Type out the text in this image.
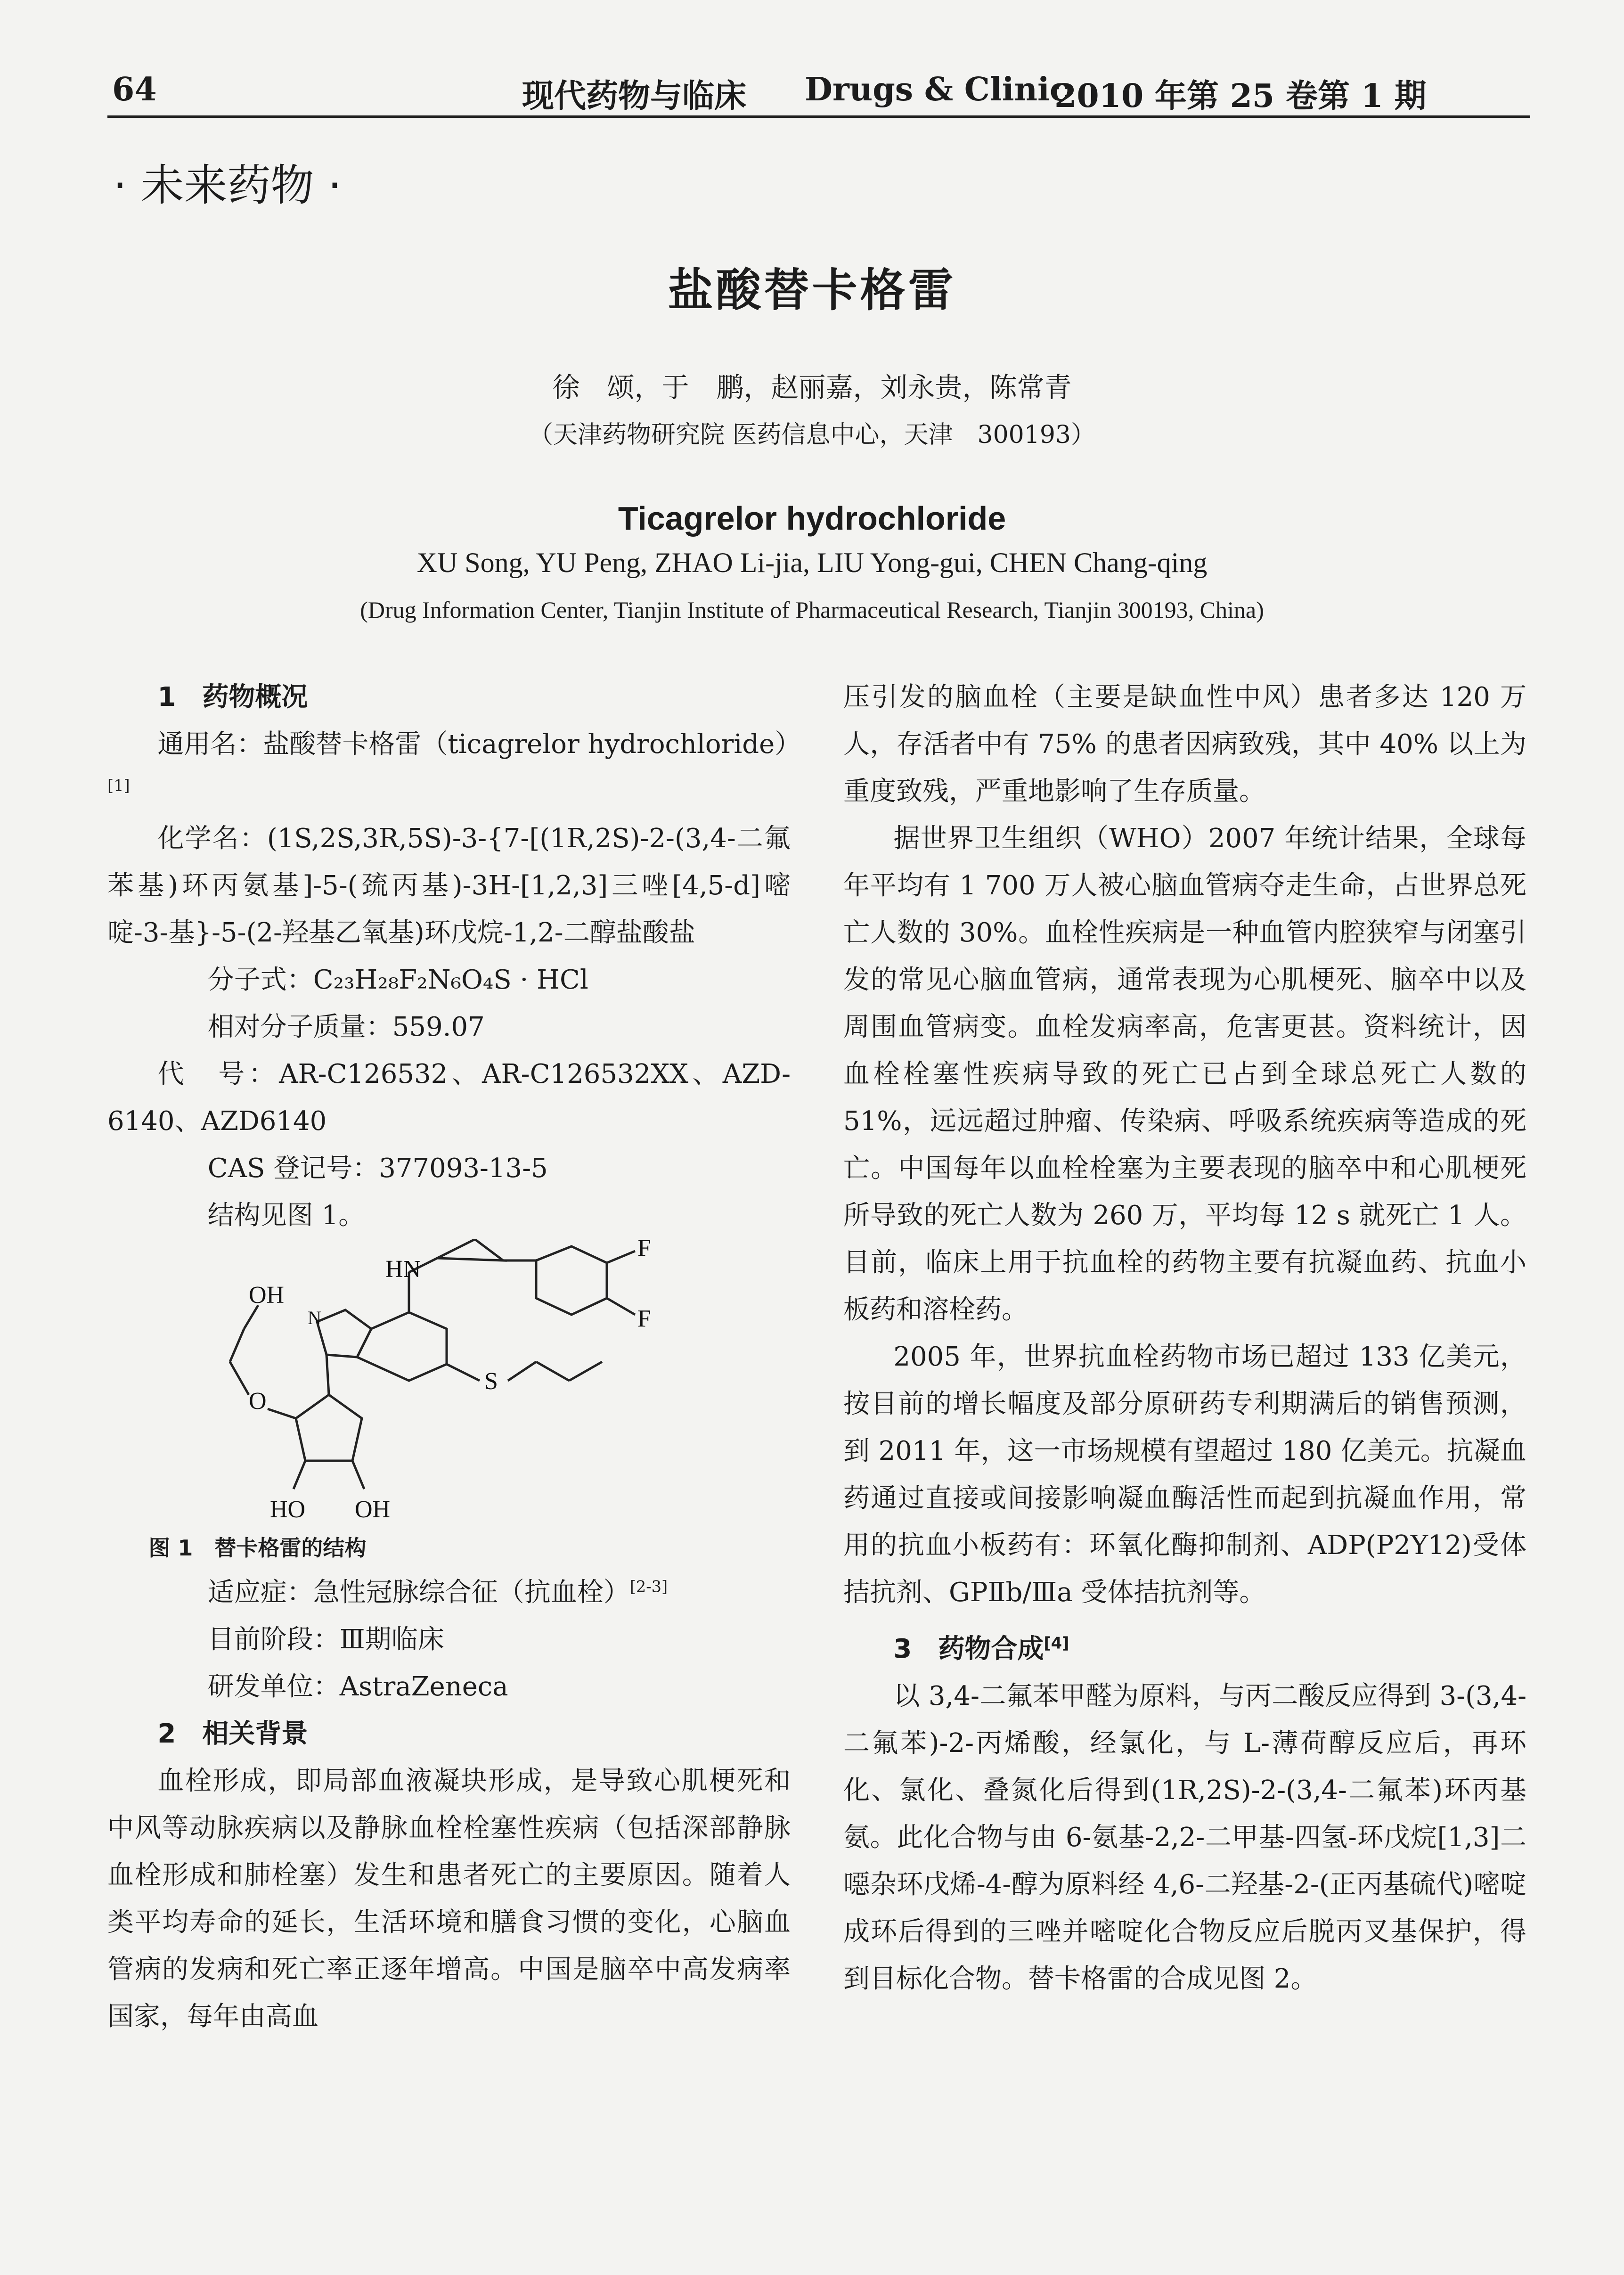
64	现代药物与临床 Drugs & Clinic
2010 年第 25 卷第 1 期
· 未来药物 ·
盐酸替卡格雷
徐　颂，于　鹏，赵丽嘉，刘永贵，陈常青
（天津药物研究院 医药信息中心，天津　300193）
Ticagrelor hydrochloride
XU Song, YU Peng, ZHAO Li-jia, LIU Yong-gui, CHEN Chang-qing
(Drug Information Center, Tianjin Institute of Pharmaceutical Research, Tianjin 300193, China)

1　药物概况

通用名：盐酸替卡格雷（ticagrelor hydrochloride）[1]

化学名：(1S,2S,3R,5S)-3-{7-[(1R,2S)-2-(3,4-二氟苯基)环丙氨基]-5-(巯丙基)-3H-[1,2,3]三唑[4,5-d]嘧啶-3-基}-5-(2-羟基乙氧基)环戊烷-1,2-二醇盐酸盐

分子式：C₂₃H₂₈F₂N₆O₄S · HCl

相对分子质量：559.07

代　号：AR-C126532、AR-C126532XX、AZD-6140、AZD6140

CAS 登记号：377093-13-5

结构见图 1。

HN
F
F
OH
O
S
HO OH
N

图 1　替卡格雷的结构

适应症：急性冠脉综合征（抗血栓）[2-3]

目前阶段：Ⅲ期临床

研发单位：AstraZeneca

2　相关背景

血栓形成，即局部血液凝块形成，是导致心肌梗死和中风等动脉疾病以及静脉血栓栓塞性疾病（包括深部静脉血栓形成和肺栓塞）发生和患者死亡的主要原因。随着人类平均寿命的延长，生活环境和膳食习惯的变化，心脑血管病的发病和死亡率正逐年增高。中国是脑卒中高发病率国家，每年由高血

压引发的脑血栓（主要是缺血性中风）患者多达 120 万人，存活者中有 75% 的患者因病致残，其中 40% 以上为重度致残，严重地影响了生存质量。

据世界卫生组织（WHO）2007 年统计结果，全球每年平均有 1 700 万人被心脑血管病夺走生命，占世界总死亡人数的 30%。血栓性疾病是一种血管内腔狭窄与闭塞引发的常见心脑血管病，通常表现为心肌梗死、脑卒中以及周围血管病变。血栓发病率高，危害更甚。资料统计，因血栓栓塞性疾病导致的死亡已占到全球总死亡人数的 51%，远远超过肿瘤、传染病、呼吸系统疾病等造成的死亡。中国每年以血栓栓塞为主要表现的脑卒中和心肌梗死所导致的死亡人数为 260 万，平均每 12 s 就死亡 1 人。目前，临床上用于抗血栓的药物主要有抗凝血药、抗血小板药和溶栓药。

2005 年，世界抗血栓药物市场已超过 133 亿美元，按目前的增长幅度及部分原研药专利期满后的销售预测，到 2011 年，这一市场规模有望超过 180 亿美元。抗凝血药通过直接或间接影响凝血酶活性而起到抗凝血作用，常用的抗血小板药有：环氧化酶抑制剂、ADP(P2Y12)受体拮抗剂、GPⅡb/Ⅲa 受体拮抗剂等。

3　药物合成[4]

以 3,4-二氟苯甲醛为原料，与丙二酸反应得到 3-(3,4-二氟苯)-2-丙烯酸，经氯化，与 L-薄荷醇反应后，再环化、氯化、叠氮化后得到(1R,2S)-2-(3,4-二氟苯)环丙基氨。此化合物与由 6-氨基-2,2-二甲基-四氢-环戊烷[1,3]二噁杂环戊烯-4-醇为原料经 4,6-二羟基-2-(正丙基硫代)嘧啶成环后得到的三唑并嘧啶化合物反应后脱丙叉基保护，得到目标化合物。替卡格雷的合成见图 2。
